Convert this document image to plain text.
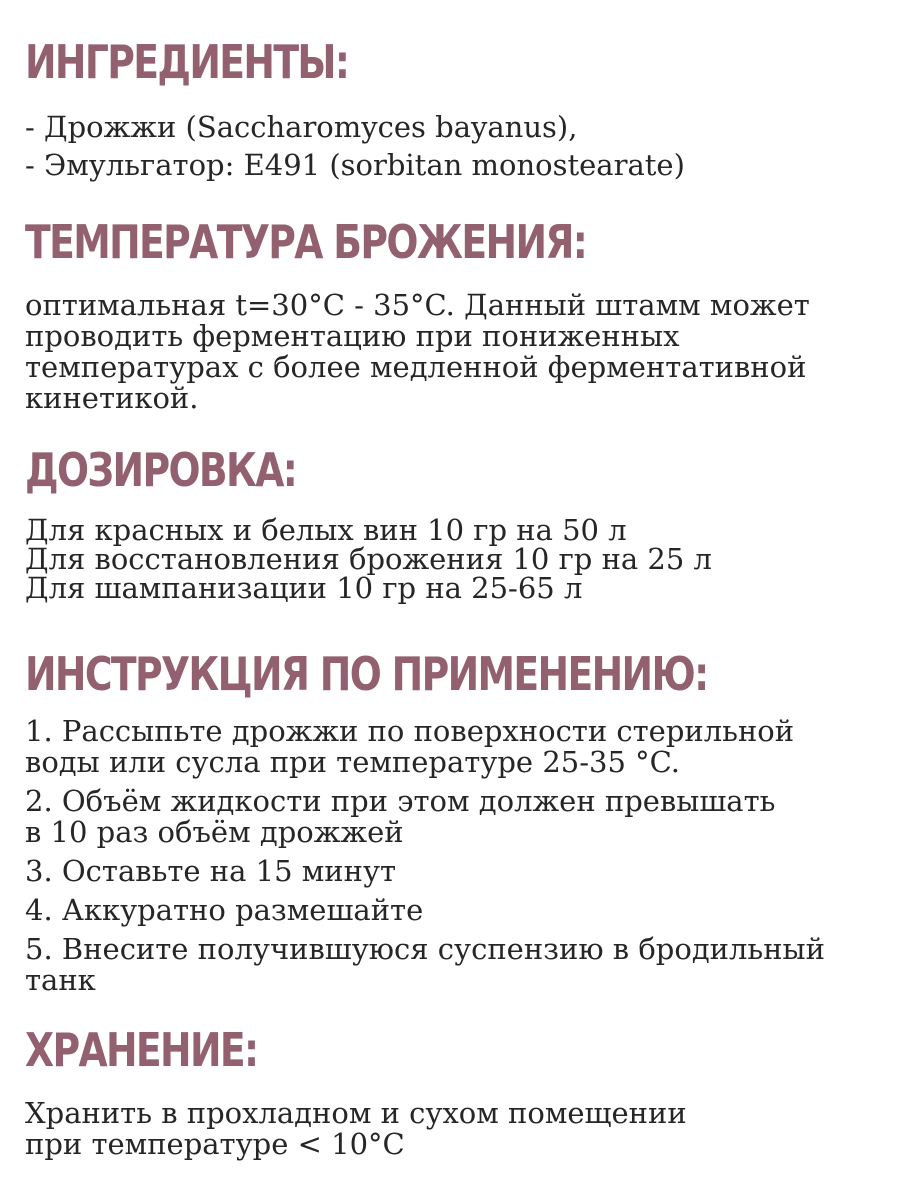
ИНГРЕДИЕНТЫ:
- Дрожжи (Saccharomyces bayanus),
- Эмульгатор: Е491 (sorbitan monostearate)
ТЕМПЕРАТУРА БРОЖЕНИЯ:
оптимальная t=30°C - 35°C. Данный штамм может
проводить ферментацию при пониженных
температурах с более медленной ферментативной
кинетикой.
ДОЗИРОВКА:
Для красных и белых вин 10 гр на 50 л
Для восстановления брожения 10 гр на 25 л
Для шампанизации 10 гр на 25-65 л
ИНСТРУКЦИЯ ПО ПРИМЕНЕНИЮ:
1. Рассыпьте дрожжи по поверхности стерильной
воды или сусла при температуре 25-35 °C.
2. Объём жидкости при этом должен превышать
в 10 раз объём дрожжей
3. Оставьте на 15 минут
4. Аккуратно размешайте
5. Внесите получившуюся суспензию в бродильный
танк
ХРАНЕНИЕ:
Хранить в прохладном и сухом помещении
при температуре < 10°C
